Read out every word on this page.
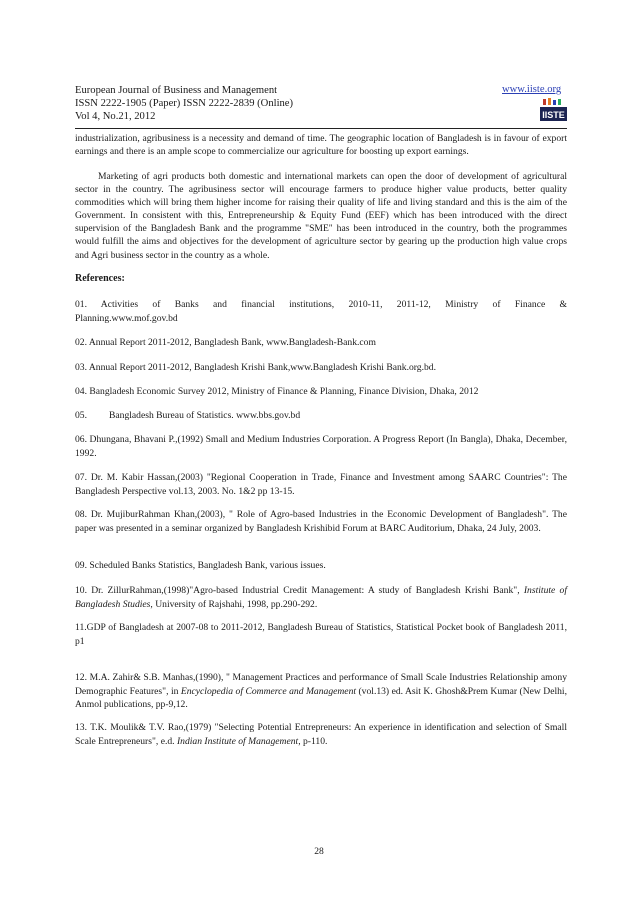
European Journal of Business and Management
ISSN 2222-1905 (Paper) ISSN 2222-2839 (Online)
Vol 4, No.21, 2012
www.iiste.org
IISTE

industrialization, agribusiness is a necessity and demand of time. The geographic location of Bangladesh is in favour of export earnings and there is an ample scope to commercialize our agriculture for boosting up export earnings.

Marketing of agri products both domestic and international markets can open the door of development of agricultural sector in the country. The agribusiness sector will encourage farmers to produce higher value products, better quality commodities which will bring them higher income for raising their quality of life and living standard and this is the aim of the Government. In consistent with this, Entrepreneurship & Equity Fund (EEF) which has been introduced with the direct supervision of the Bangladesh Bank and the programme "SME" has been introduced in the country, both the programmes would fulfill the aims and objectives for the development of agriculture sector by gearing up the production high value crops and Agri business sector in the country as a whole.

References:

01. Activities of Banks and financial institutions, 2010-11, 2011-12, Ministry of Finance & Planning.www.mof.gov.bd

02. Annual Report 2011-2012, Bangladesh Bank, www.Bangladesh-Bank.com

03. Annual Report 2011-2012, Bangladesh Krishi Bank,www.Bangladesh Krishi Bank.org.bd.

04. Bangladesh Economic Survey 2012, Ministry of Finance & Planning, Finance Division, Dhaka, 2012

05. Bangladesh Bureau of Statistics. www.bbs.gov.bd

06. Dhungana, Bhavani P.,(1992) Small and Medium Industries Corporation. A Progress Report (In Bangla), Dhaka, December, 1992.

07. Dr. M. Kabir Hassan,(2003) "Regional Cooperation in Trade, Finance and Investment among SAARC Countries": The Bangladesh Perspective vol.13, 2003. No. 1&2 pp 13-15.

08. Dr. MujiburRahman Khan,(2003), " Role of Agro-based Industries in the Economic Development of Bangladesh". The paper was presented in a seminar organized by Bangladesh Krishibid Forum at BARC Auditorium, Dhaka, 24 July, 2003.

09. Scheduled Banks Statistics, Bangladesh Bank, various issues.

10. Dr. ZillurRahman,(1998)"Agro-based Industrial Credit Management: A study of Bangladesh Krishi Bank", Institute of Bangladesh Studies, University of Rajshahi, 1998, pp.290-292.

11.GDP of Bangladesh at 2007-08 to 2011-2012, Bangladesh Bureau of Statistics, Statistical Pocket book of Bangladesh 2011, p1

12. M.A. Zahir& S.B. Manhas,(1990), " Management Practices and performance of Small Scale Industries Relationship amony Demographic Features", in Encyclopedia of Commerce and Management (vol.13) ed. Asit K. Ghosh&Prem Kumar (New Delhi, Anmol publications, pp-9,12.

13. T.K. Moulik& T.V. Rao,(1979) "Selecting Potential Entrepreneurs: An experience in identification and selection of Small Scale Entrepreneurs", e.d. Indian Institute of Management, p-110.

28
